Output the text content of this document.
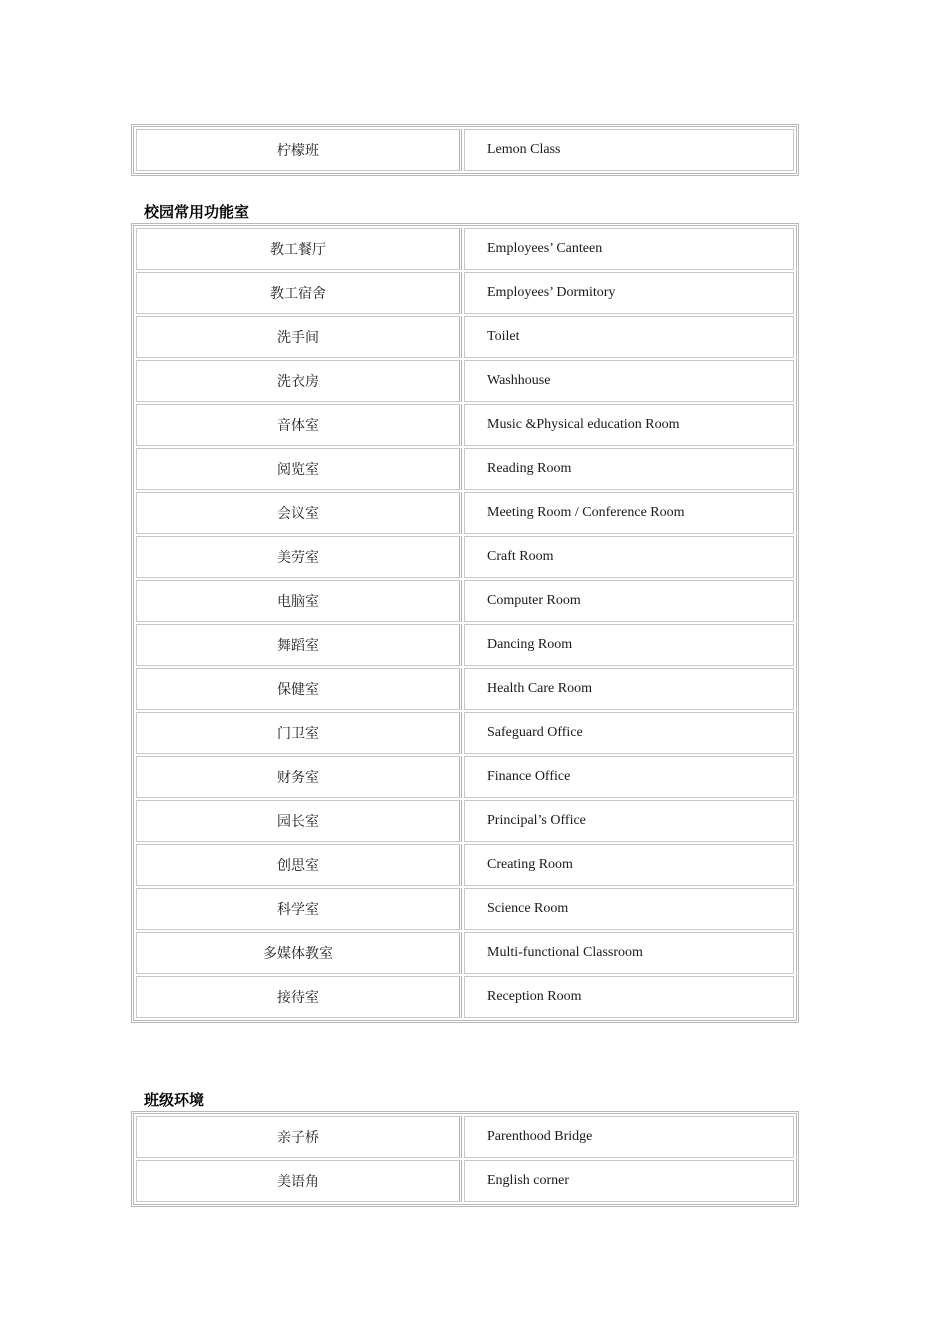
柠檬班	Lemon Class
校园常用功能室
教工餐厅	Employees’ Canteen
教工宿舍	Employees’ Dormitory
洗手间	Toilet
洗衣房	Washhouse
音体室	Music &Physical education Room
阅览室	Reading Room
会议室	Meeting Room / Conference Room
美劳室	Craft Room
电脑室	Computer Room
舞蹈室	Dancing Room
保健室	Health Care Room
门卫室	Safeguard Office
财务室	Finance Office
园长室	Principal’s Office
创思室	Creating Room
科学室	Science Room
多媒体教室	Multi-functional Classroom
接待室	Reception Room
班级环境
亲子桥	Parenthood Bridge
美语角	English corner
